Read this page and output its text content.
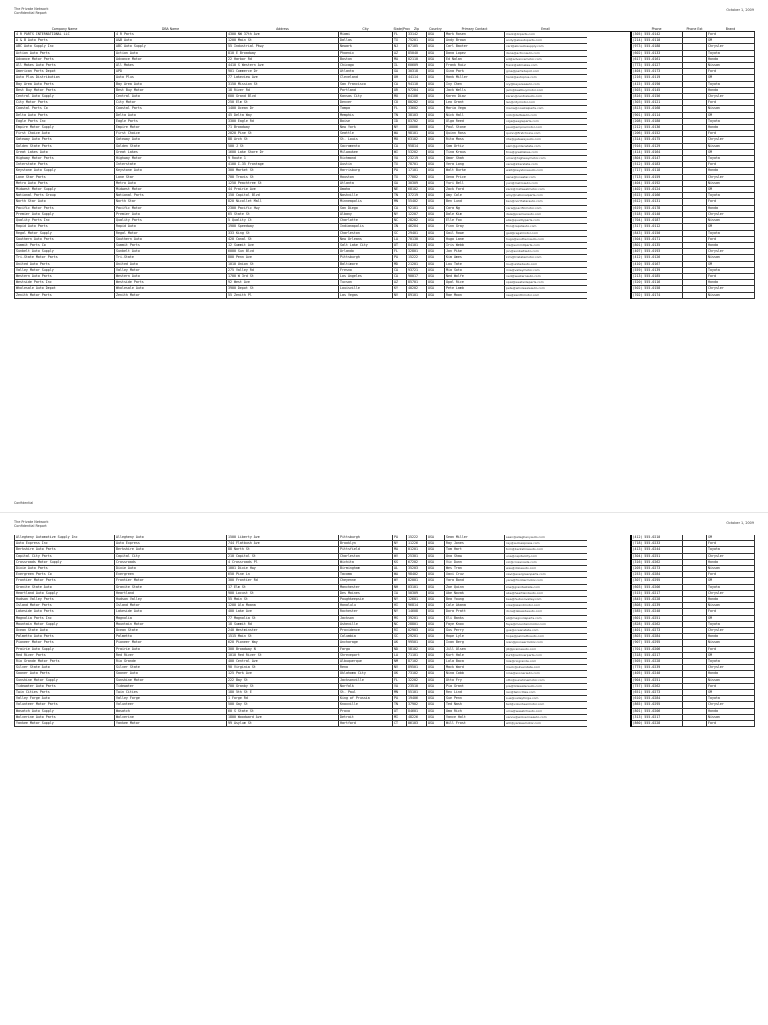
The Private Network
Confidential Report
October 1, 2009
Company Name	DBA Name	Address	City	State/Prov	Zip	Country	Primary Contact	Email		Phone	Phone Ext	Brand
4 R PARTS INTERNATIONAL LLC	4 R Parts	4300 NW 37th Ave	Miami	FL	33142	USA	Mark Rosen	mark@4rparts.com		(305) 555-0142		Ford
A & B Auto Parts	A&B Auto	1200 Main St	Dallas	TX	75201	USA	Andy Brown	andy@abautoparts.com		(214) 555-0110		GM
ABC Auto Supply Inc	ABC Auto Supply	55 Industrial Pkwy	Newark	NJ	07105	USA	Carl Baxter	carl@abcautosupply.com		(973) 555-0188		Chrysler
Action Auto Parts	Action Auto	810 E Broadway	Phoenix	AZ	85040	USA	Dana Lopez	dana@actionauto.com		(602) 555-0133		Toyota
Advance Motor Parts	Advance Motor	22 Harbor Rd	Boston	MA	02110	USA	Ed Nolan	ed@advancemotor.com		(617) 555-0161		Honda
All Makes Auto Parts	All Makes	4410 S Western Ave	Chicago	IL	60609	USA	Frank Ruiz	frank@allmakes.com		(773) 555-0127		Nissan
American Parts Depot	APD	901 Commerce Dr	Atlanta	GA	30318	USA	Gina Park	gina@partsdepot.com		(404) 555-0173		Ford
Auto Plus Distribution	Auto Plus	77 Lakeview Ave	Cleveland	OH	44114	USA	Hank Miller	hank@autoplus.com		(216) 555-0119		GM
Bay Area Auto Parts	Bay Area Auto	3150 Mission St	San Francisco	CA	94110	USA	Ivy Chen	ivy@bayareaauto.com		(415) 555-0190		Toyota
Best Buy Motor Parts	Best Buy Motor	18 River Rd	Portland	OR	97204	USA	Jack Wells	jack@bestbuymotor.com		(503) 555-0145		Honda
Central Auto Supply	Central Auto	600 Grand Blvd	Kansas City	MO	64106	USA	Karen Diaz	karen@centralauto.com		(816) 555-0156		Chrysler
City Motor Parts	City Motor	250 Elm St	Denver	CO	80202	USA	Leo Grant	leo@citymotor.com		(303) 555-0121		Ford
Coastal Parts Co	Coastal Parts	1400 Ocean Dr	Tampa	FL	33602	USA	Maria Vega	maria@coastalparts.com		(813) 555-0168		Nissan
Delta Auto Parts	Delta Auto	45 Delta Way	Memphis	TN	38103	USA	Nick Hall	nick@deltaauto.com		(901) 555-0114		GM
Eagle Parts Inc	Eagle Parts	3300 Eagle Rd	Boise	ID	83702	USA	Olga Reed	olga@eagleparts.com		(208) 555-0180		Toyota
Empire Motor Supply	Empire Motor	71 Broadway	New York	NY	10006	USA	Paul Stone	paul@empiremotor.com		(212) 555-0136		Honda
First Choice Auto	First Choice	2020 Pine St	Seattle	WA	98101	USA	Quinn Ross	quinn@firstchoice.com		(206) 555-0152		Ford
Gateway Auto Parts	Gateway Auto	88 Arch St	St. Louis	MO	63102	USA	Rita Moss	rita@gatewayauto.com		(314) 555-0175		Chrysler
Golden State Parts	Golden State	500 J St	Sacramento	CA	95814	USA	Sam Ortiz	sam@goldenstate.com		(916) 555-0129		Nissan
Great Lakes Auto	Great Lakes	1600 Lake Shore Dr	Milwaukee	WI	53202	USA	Tina Kraus	tina@greatlakes.com		(414) 555-0164		GM
Highway Motor Parts	Highway Motor	9 Route 1	Richmond	VA	23219	USA	Umar Shah	umar@highwaymotor.com		(804) 555-0147		Toyota
Interstate Parts	Interstate	4100 I-35 Frontage	Austin	TX	78701	USA	Vera Long	vera@interstate.com		(512) 555-0183		Ford
Keystone Auto Supply	Keystone Auto	300 Market St	Harrisburg	PA	17101	USA	Walt Burke	walt@keystoneauto.com		(717) 555-0118		Honda
Lone Star Parts	Lone Star	700 Travis St	Houston	TX	77002	USA	Xena Price	xena@lonestar.com		(713) 555-0159		Chrysler
Metro Auto Parts	Metro Auto	1250 Peachtree St	Atlanta	GA	30309	USA	Yuri Bell	yuri@metroauto.com		(404) 555-0192		Nissan
Midwest Motor Supply	Midwest Motor	44 Prairie Ave	Omaha	NE	68102	USA	Zack Ford	zack@midwestmotor.com		(402) 555-0124		GM
National Parts Group	National Parts	150 Capitol Blvd	Nashville	TN	37219	USA	Amy Cole	amy@nationalparts.com		(615) 555-0166		Toyota
North Star Auto	North Star	820 Nicollet Mall	Minneapolis	MN	55402	USA	Ben Lund	ben@northstarauto.com		(612) 555-0131		Ford
Pacific Motor Parts	Pacific Motor	2300 Pacific Hwy	San Diego	CA	92101	USA	Cara Ng	cara@pacificmotor.com		(619) 555-0178		Honda
Premier Auto Supply	Premier Auto	65 State St	Albany	NY	12207	USA	Dale Kim	dale@premierauto.com		(518) 555-0140		Chrysler
Quality Parts Inc	Quality Parts	5 Quality Ct	Charlotte	NC	28202	USA	Elle Fox	elle@qualityparts.com		(704) 555-0187		Nissan
Rapid Auto Parts	Rapid Auto	1900 Speedway	Indianapolis	IN	46204	USA	Finn Gray	finn@rapidauto.com		(317) 555-0112		GM
Regal Motor Supply	Regal Motor	333 King St	Charleston	SC	29401	USA	Gail Rowe	gail@regalmotor.com		(843) 555-0150		Toyota
Southern Auto Parts	Southern Auto	420 Canal St	New Orleans	LA	70130	USA	Hugo Lane	hugo@southernauto.com		(504) 555-0171		Ford
Summit Parts Co	Summit Parts	12 Summit Ave	Salt Lake City	UT	84101	USA	Iris Webb	iris@summitparts.com		(801) 555-0135		Honda
Sunbelt Auto Supply	Sunbelt Auto	6000 Sun Blvd	Orlando	FL	32801	USA	Jon Pike	jon@sunbeltauto.com		(407) 555-0193		Chrysler
Tri-State Motor Parts	Tri-State	800 Penn Ave	Pittsburgh	PA	15222	USA	Kim Ames	kim@tristatemotor.com		(412) 555-0126		Nissan
United Auto Parts	United Auto	1010 Union St	Baltimore	MD	21201	USA	Lou Tate	lou@unitedauto.com		(410) 555-0167		GM
Valley Motor Supply	Valley Motor	275 Valley Rd	Fresno	CA	93721	USA	Mia Soto	mia@valleymotor.com		(559) 555-0139		Toyota
Western Auto Parts	Western Auto	1700 W 3rd St	Los Angeles	CA	90017	USA	Ned Wolfe	ned@westernauto.com		(213) 555-0185		Ford
Westside Parts Inc	Westside Parts	92 West Ave	Tucson	AZ	85701	USA	Opal Rice	opal@westsideparts.com		(520) 555-0116		Honda
Wholesale Auto Depot	Wholesale Auto	3900 Depot St	Louisville	KY	40202	USA	Pete Lamb	pete@wholesaleauto.com		(502) 555-0158		Chrysler
Zenith Motor Parts	Zenith Motor	55 Zenith Pl	Las Vegas	NV	89101	USA	Rae Moon	rae@zenithmotor.com		(702) 555-0174		Nissan
Confidential
The Private Network
Confidential Report
October 1, 2009
Allegheny Automotive Supply Inc	Allegheny Auto	1500 Liberty Ave	Pittsburgh	PA	15222	USA	Sean Miller	sean@alleghenyauto.com		(412) 555-0210		GM
Auto Express Inc	Auto Express	744 Flatbush Ave	Brooklyn	NY	11226	USA	Ray Jones	ray@autoexpress.com		(718) 555-0233		Ford
Berkshire Auto Parts	Berkshire Auto	88 North St	Pittsfield	MA	01201	USA	Tom Hart	tom@berkshireauto.com		(413) 555-0244		Toyota
Capital City Parts	Capital City	210 Capitol St	Charleston	WV	25301	USA	Una Shaw	una@capitalcity.com		(304) 555-0251		Chrysler
Crossroads Motor Supply	Crossroads	4 Crossroads Pl	Wichita	KS	67202	USA	Vic Dunn	vic@crossroads.com		(316) 555-0262		Honda
Dixie Auto Parts	Dixie Auto	1001 Dixie Hwy	Birmingham	AL	35203	USA	Wes Tran	wes@dixieauto.com		(205) 555-0273		Nissan
Evergreen Parts Co	Evergreen	650 Pine Ln	Tacoma	WA	98402	USA	Xavi Cruz	xavi@evergreenparts.com		(253) 555-0284		Ford
Frontier Motor Parts	Frontier Motor	300 Frontier Rd	Cheyenne	WY	82001	USA	Yara Bond	yara@frontiermotor.com		(307) 555-0295		GM
Granite State Auto	Granite State	17 Elm St	Manchester	NH	03101	USA	Zoe Quinn	zoe@granitestate.com		(603) 555-0206		Toyota
Heartland Auto Supply	Heartland	900 Locust St	Des Moines	IA	50309	USA	Abe Novak	abe@heartlandauto.com		(515) 555-0217		Chrysler
Hudson Valley Parts	Hudson Valley	55 Main St	Poughkeepsie	NY	12601	USA	Bea Young	bea@hudsonvalley.com		(845) 555-0228		Honda
Island Motor Parts	Island Motor	1200 Ala Moana	Honolulu	HI	96814	USA	Cole Akana	cole@islandmotor.com		(808) 555-0239		Nissan
Lakeside Auto Parts	Lakeside Auto	400 Lake Ave	Rochester	NY	14608	USA	Dora Pratt	dora@lakesideauto.com		(585) 555-0240		Ford
Magnolia Parts Inc	Magnolia	77 Magnolia St	Jackson	MS	39201	USA	Eli Banks	eli@magnoliaparts.com		(601) 555-0251		GM
Mountain Motor Supply	Mountain Motor	18 Summit Rd	Asheville	NC	28801	USA	Faye Knox	faye@mountainmotor.com		(828) 555-0262		Toyota
Ocean State Auto	Ocean State	240 Westminster	Providence	RI	02903	USA	Gus Perry	gus@oceanstate.com		(401) 555-0273		Chrysler
Palmetto Auto Parts	Palmetto	1515 Main St	Columbia	SC	29201	USA	Hope Lyle	hope@palmettoauto.com		(803) 555-0284		Honda
Pioneer Motor Parts	Pioneer Motor	620 Pioneer Way	Anchorage	AK	99501	USA	Ivan Berg	ivan@pioneermotor.com		(907) 555-0295		Nissan
Prairie Auto Supply	Prairie Auto	300 Broadway N	Fargo	ND	58102	USA	Jill Olsen	jill@prairieauto.com		(701) 555-0206		Ford
Red River Parts	Red River	1010 Red River St	Shreveport	LA	71101	USA	Kurt Hale	kurt@redriverparts.com		(318) 555-0217		GM
Rio Grande Motor Parts	Rio Grande	400 Central Ave	Albuquerque	NM	87102	USA	Lola Baca	lola@riogrande.com		(505) 555-0228		Toyota
Silver State Auto	Silver State	90 Virginia St	Reno	NV	89501	USA	Mack Ward	mack@silverstate.com		(775) 555-0239		Chrysler
Sooner Auto Parts	Sooner Auto	125 Park Ave	Oklahoma City	OK	73102	USA	Nina Cobb	nina@soonerauto.com		(405) 555-0240		Honda
Sunshine Motor Supply	Sunshine Motor	222 Bay St	Jacksonville	FL	32202	USA	Otto Fry	otto@sunshinemotor.com		(904) 555-0251		Nissan
Tidewater Auto Parts	Tidewater	700 Granby St	Norfolk	VA	23510	USA	Pia Grant	pia@tidewaterauto.com		(757) 555-0262		Ford
Twin Cities Parts	Twin Cities	180 5th St E	St. Paul	MN	55101	USA	Rex Lind	rex@twincities.com		(651) 555-0273		GM
Valley Forge Auto	Valley Forge	1 Forge Rd	King of Prussia	PA	19406	USA	Sue Penn	sue@valleyforge.com		(610) 555-0284		Toyota
Volunteer Motor Parts	Volunteer	500 Gay St	Knoxville	TN	37902	USA	Ted Nash	ted@volunteermotor.com		(865) 555-0295		Chrysler
Wasatch Auto Supply	Wasatch	60 S State St	Provo	UT	84601	USA	Uma Rich	uma@wasatchauto.com		(801) 555-0206		Honda
Wolverine Auto Parts	Wolverine	1800 Woodward Ave	Detroit	MI	48226	USA	Vance Holt	vance@wolverineauto.com		(313) 555-0217		Nissan
Yankee Motor Supply	Yankee Motor	99 Asylum St	Hartford	CT	06103	USA	Will Frost	will@yankeemotor.com		(860) 555-0228		Ford
